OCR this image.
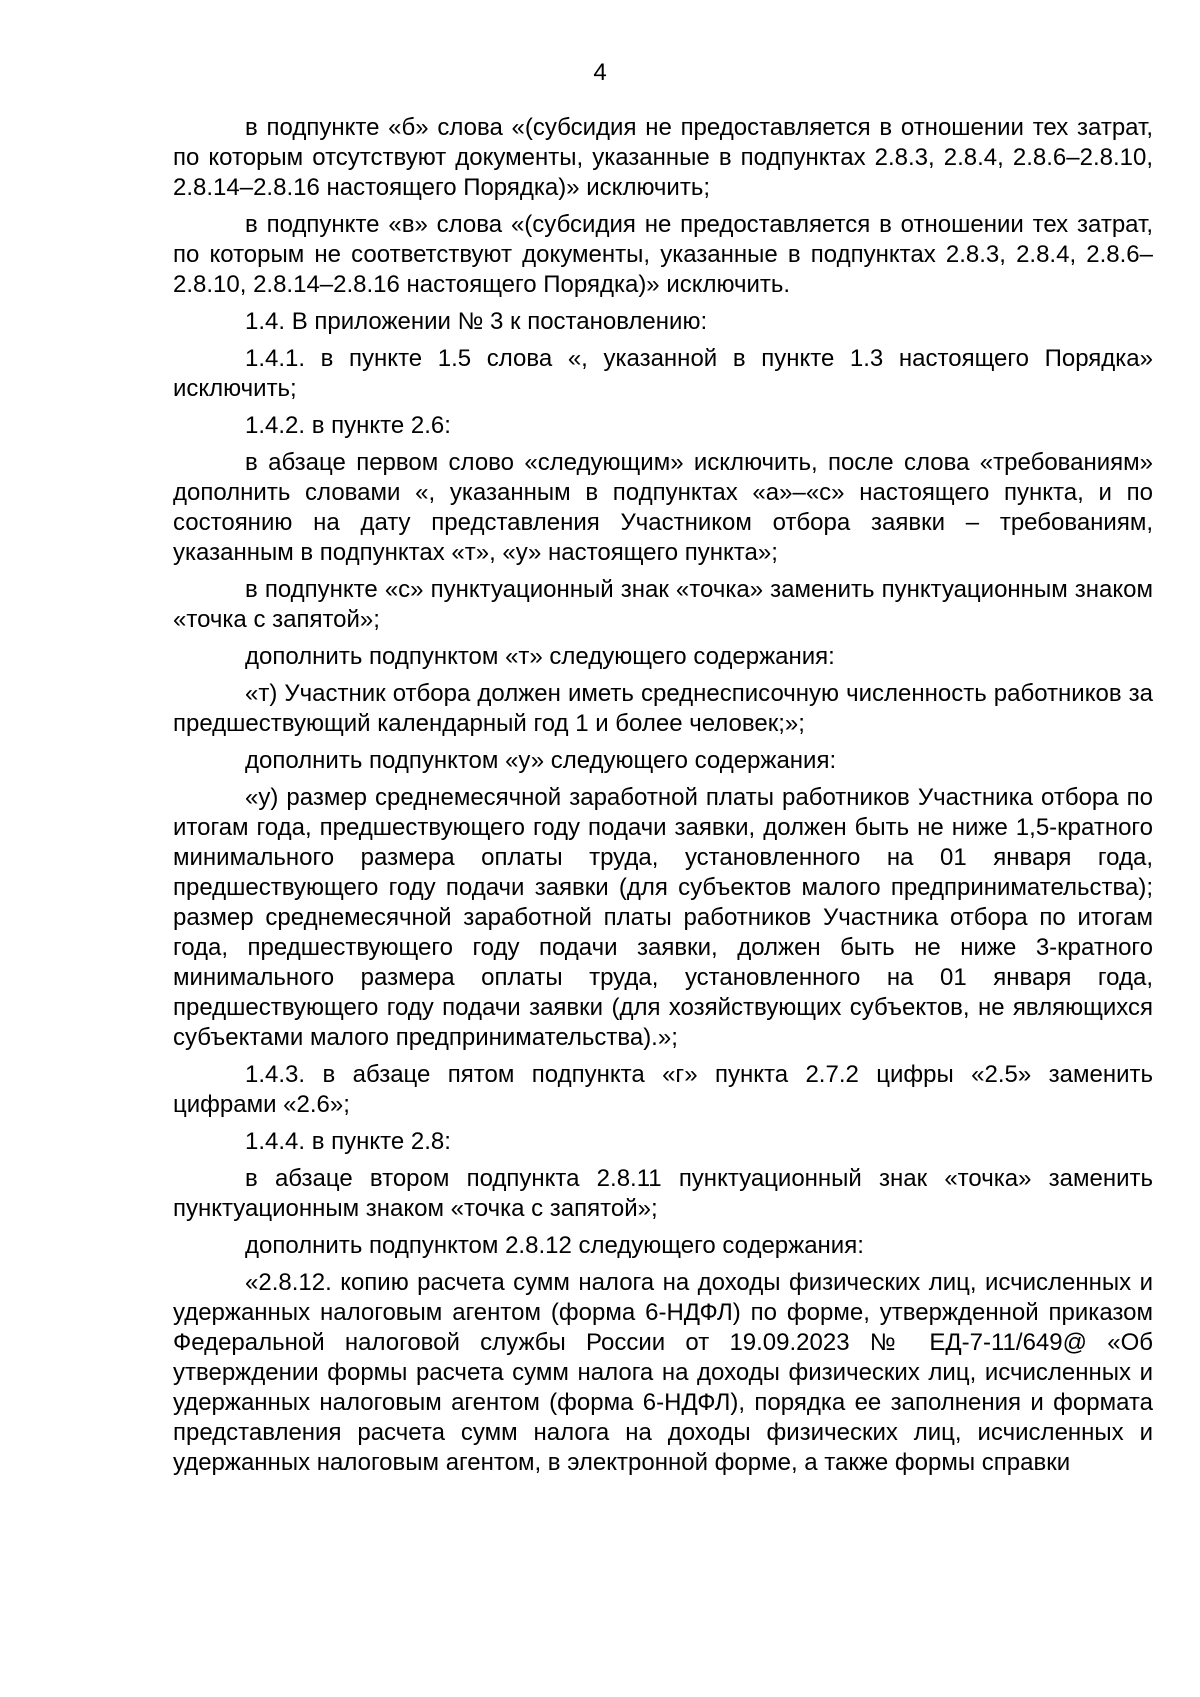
4

в подпункте «б» слова «(субсидия не предоставляется в отношении тех затрат, по которым отсутствуют документы, указанные в подпунктах 2.8.3, 2.8.4, 2.8.6–2.8.10, 2.8.14–2.8.16 настоящего Порядка)» исключить;

в подпункте «в» слова «(субсидия не предоставляется в отношении тех затрат, по которым не соответствуют документы, указанные в подпунктах 2.8.3, 2.8.4, 2.8.6–2.8.10, 2.8.14–2.8.16 настоящего Порядка)» исключить.

1.4. В приложении № 3 к постановлению:

1.4.1. в пункте 1.5 слова «, указанной в пункте 1.3 настоящего Порядка» исключить;

1.4.2. в пункте 2.6:

в абзаце первом слово «следующим» исключить, после слова «требованиям» дополнить словами «, указанным в подпунктах «а»–«с» настоящего пункта, и по состоянию на дату представления Участником отбора заявки – требованиям, указанным в подпунктах «т», «у» настоящего пункта»;

в подпункте «с» пунктуационный знак «точка» заменить пунктуационным знаком «точка с запятой»;

дополнить подпунктом «т» следующего содержания:

«т) Участник отбора должен иметь среднесписочную численность работников за предшествующий календарный год 1 и более человек;»;

дополнить подпунктом «у» следующего содержания:

«у) размер среднемесячной заработной платы работников Участника отбора по итогам года, предшествующего году подачи заявки, должен быть не ниже 1,5-кратного минимального размера оплаты труда, установленного на 01 января года, предшествующего году подачи заявки (для субъектов малого предпринимательства); размер среднемесячной заработной платы работников Участника отбора по итогам года, предшествующего году подачи заявки, должен быть не ниже 3-кратного минимального размера оплаты труда, установленного на 01 января года, предшествующего году подачи заявки (для хозяйствующих субъектов, не являющихся субъектами малого предпринимательства).»;

1.4.3. в абзаце пятом подпункта «г» пункта 2.7.2 цифры «2.5» заменить цифрами «2.6»;

1.4.4. в пункте 2.8:

в абзаце втором подпункта 2.8.11 пунктуационный знак «точка» заменить пунктуационным знаком «точка с запятой»;

дополнить подпунктом 2.8.12 следующего содержания:

«2.8.12. копию расчета сумм налога на доходы физических лиц, исчисленных и удержанных налоговым агентом (форма 6-НДФЛ) по форме, утвержденной приказом Федеральной налоговой службы России от 19.09.2023 № ЕД-7-11/649@ «Об утверждении формы расчета сумм налога на доходы физических лиц, исчисленных и удержанных налоговым агентом (форма 6-НДФЛ), порядка ее заполнения и формата представления расчета сумм налога на доходы физических лиц, исчисленных и удержанных налоговым агентом, в электронной форме, а также формы справки
